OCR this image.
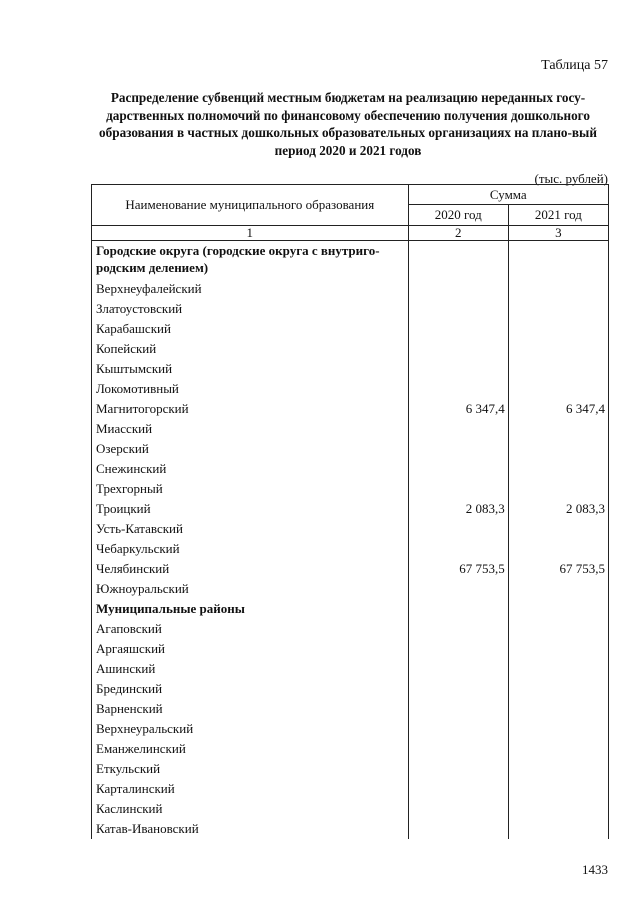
Таблица 57
Распределение субвенций местным бюджетам на реализацию нереданных госу-дарственных полномочий по финансовому обеспечению получения дошкольного образования в частных дошкольных образовательных организациях на плано-вый период 2020 и 2021 годов
(тыс. рублей)
Наименование муниципального образования	Сумма	
	2020 год	2021 год
1	2	3
Городские округа (городские округа с внутриго-родским делением)		
Верхнеуфалейский		
Златоустовский		
Карабашский		
Копейский		
Кыштымский		
Локомотивный		
Магнитогорский	6 347,4	6 347,4
Миасский		
Озерский		
Снежинский		
Трехгорный		
Троицкий	2 083,3	2 083,3
Усть-Катавский		
Чебаркульский		
Челябинский	67 753,5	67 753,5
Южноуральский		
Муниципальные районы		
Агаповский		
Аргаяшский		
Ашинский		
Брединский		
Варненский		
Верхнеуральский		
Еманжелинский		
Еткульский		
Карталинский		
Каслинский		
Катав-Ивановский		
1433
